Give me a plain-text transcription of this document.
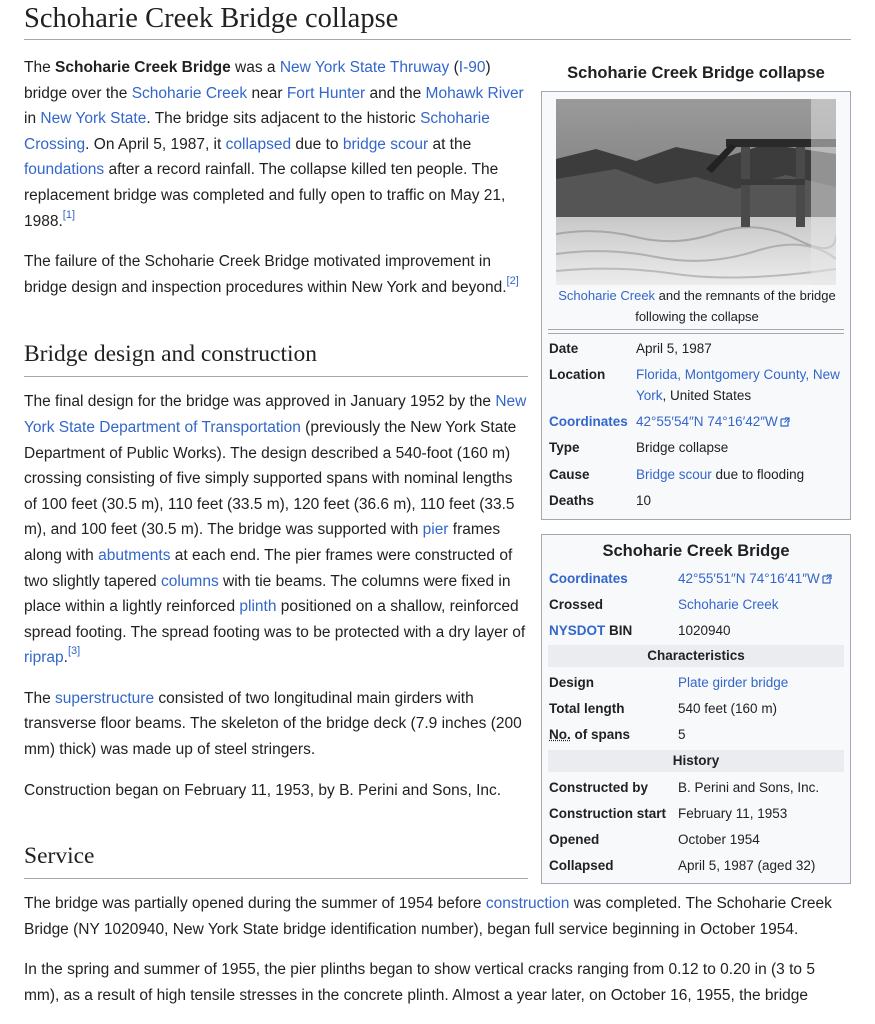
Schoharie Creek Bridge collapse

The Schoharie Creek Bridge was a New York State Thruway (I-90) bridge over the Schoharie Creek near Fort Hunter and the Mohawk River in New York State. The bridge sits adjacent to the historic Schoharie Crossing. On April 5, 1987, it collapsed due to bridge scour at the foundations after a record rainfall. The collapse killed ten people. The replacement bridge was completed and fully open to traffic on May 21, 1988.[1]

The failure of the Schoharie Creek Bridge motivated improvement in bridge design and inspection procedures within New York and beyond.[2]

Bridge design and construction

The final design for the bridge was approved in January 1952 by the New York State Department of Transportation (previously the New York State Department of Public Works). The design described a 540-foot (160 m) crossing consisting of five simply supported spans with nominal lengths of 100 feet (30.5 m), 110 feet (33.5 m), 120 feet (36.6 m), 110 feet (33.5 m), and 100 feet (30.5 m). The bridge was supported with pier frames along with abutments at each end. The pier frames were constructed of two slightly tapered columns with tie beams. The columns were fixed in place within a lightly reinforced plinth positioned on a shallow, reinforced spread footing. The spread footing was to be protected with a dry layer of riprap.[3]

The superstructure consisted of two longitudinal main girders with transverse floor beams. The skeleton of the bridge deck (7.9 inches (200 mm) thick) was made up of steel stringers.

Construction began on February 11, 1953, by B. Perini and Sons, Inc.

Service

The bridge was partially opened during the summer of 1954 before construction was completed. The Schoharie Creek Bridge (NY 1020940, New York State bridge identification number), began full service beginning in October 1954.

In the spring and summer of 1955, the pier plinths began to show vertical cracks ranging from 0.12 to 0.20 in (3 to 5 mm), as a result of high tensile stresses in the concrete plinth. Almost a year later, on October 16, 1955, the bridge

Schoharie Creek Bridge collapse
Schoharie Creek and the remnants of the bridge following the collapse
Date	April 5, 1987
Location Florida, Montgomery County, New York, United States
Coordinates 42°55′54″N 74°16′42″W
Type	Bridge collapse
Cause	Bridge scour due to flooding
Deaths	10
Schoharie Creek Bridge
Coordinates	42°55′51″N 74°16′41″W
Crossed	Schoharie Creek
NYSDOT BIN	1020940
Characteristics
Design	Plate girder bridge
Total length	540 feet (160 m)
No. of spans	5
History
Constructed by B. Perini and Sons, Inc.
Construction start February 11, 1953
Opened	October 1954
Collapsed	April 5, 1987 (aged 32)
